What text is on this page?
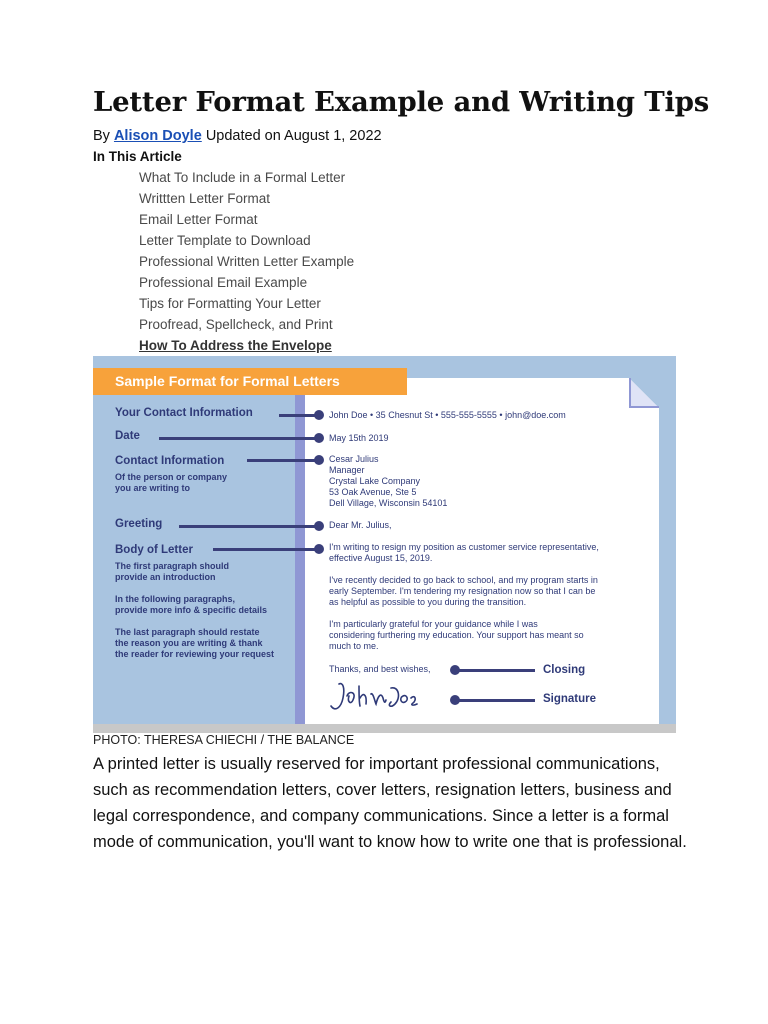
Letter Format Example and Writing Tips
By Alison Doyle Updated on August 1, 2022
In This Article
What To Include in a Formal Letter
Writtten Letter Format
Email Letter Format
Letter Template to Download
Professional Written Letter Example
Professional Email Example
Tips for Formatting Your Letter
Proofread, Spellcheck, and Print
How To Address the Envelope
Sample Format for Formal Letters
Your Contact Information	John Doe • 35 Chesnut St • 555-555-5555 • john@doe.com
Date	May 15th 2019
Contact Information
Of the person or company
you are writing to
Cesar Julius
Manager
Crystal Lake Company
53 Oak Avenue, Ste 5
Dell Village, Wisconsin 54101
Greeting	Dear Mr. Julius,
Body of Letter
The first paragraph should
provide an introduction
In the following paragraphs,
provide more info & specific details
The last paragraph should restate
the reason you are writing & thank
the reader for reviewing your request
I'm writing to resign my position as customer service representative,
effective August 15, 2019.
I've recently decided to go back to school, and my program starts in
early September. I'm tendering my resignation now so that I can be
as helpful as possible to you during the transition.
I'm particularly grateful for your guidance while I was
considering furthering my education. Your support has meant so
much to me.
Thanks, and best wishes,	Closing
Signature
PHOTO: THERESA CHIECHI / THE BALANCE

A printed letter is usually reserved for important professional communications, such as recommendation letters, cover letters, resignation letters, business and legal correspondence, and company communications. Since a letter is a formal mode of communication, you'll want to know how to write one that is professional.
